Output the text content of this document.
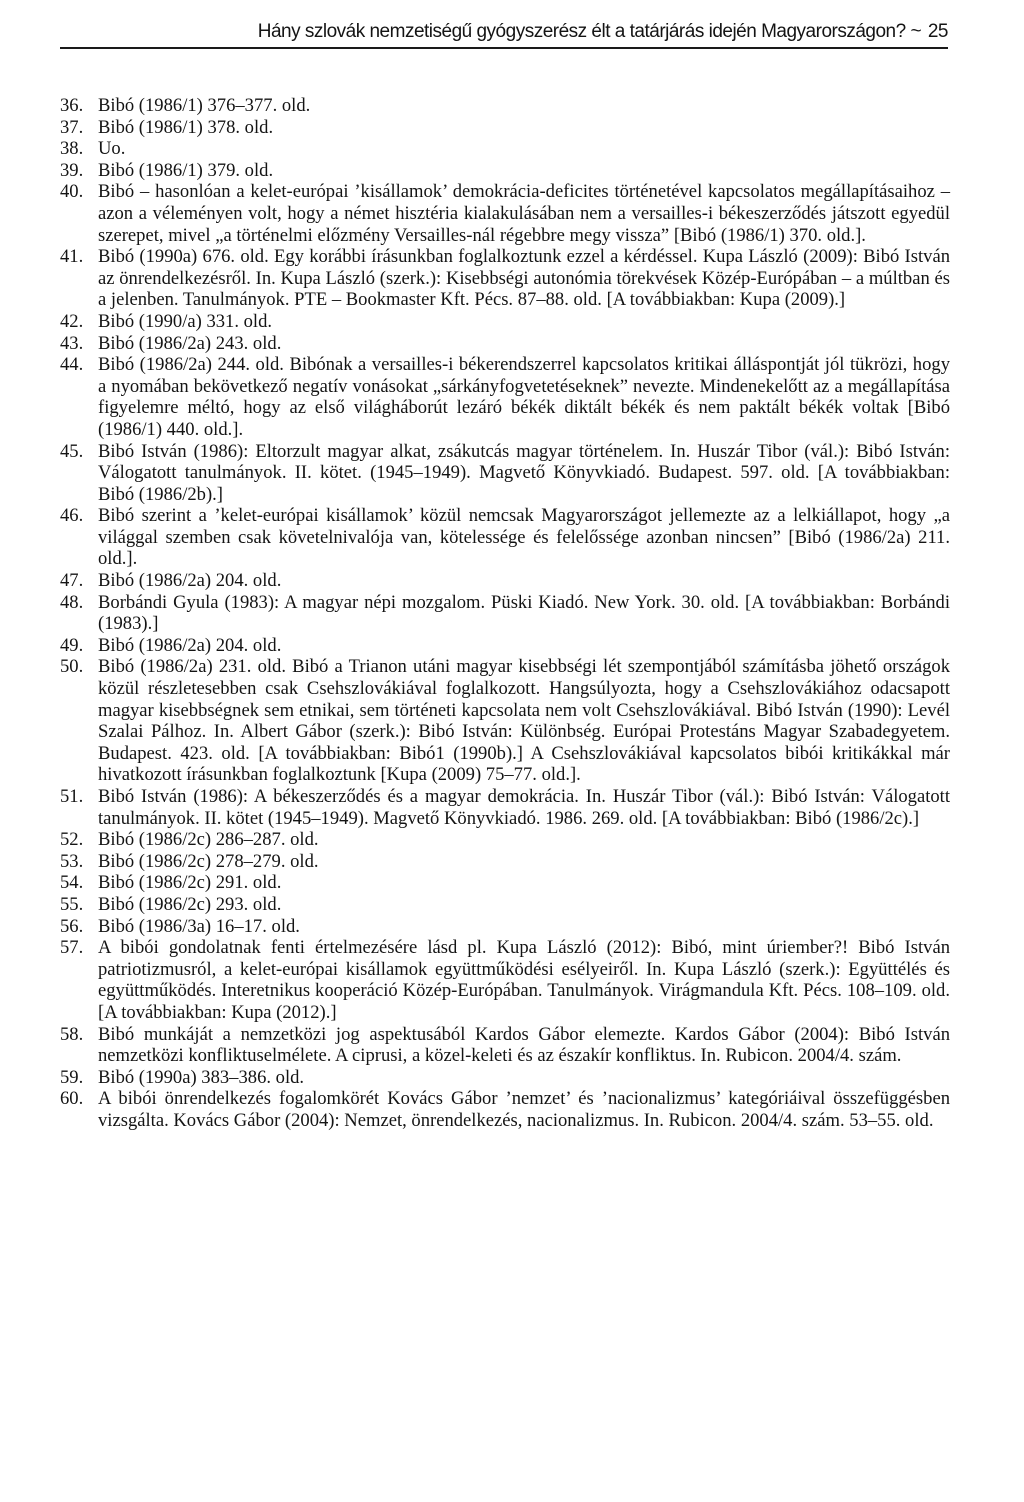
Hány szlovák nemzetiségű gyógyszerész élt a tatárjárás idején Magyarországon? ~ 25
36. Bibó (1986/1) 376–377. old.
37. Bibó (1986/1) 378. old.
38. Uo.
39. Bibó (1986/1) 379. old.
40. Bibó – hasonlóan a kelet-európai ’kisállamok’ demokrácia-deficites történetével kapcsolatos megállapításaihoz – azon a véleményen volt, hogy a német hisztéria kialakulásában nem a versailles-i békeszerződés játszott egyedül szerepet, mivel „a történelmi előzmény Versailles-nál régebbre megy vissza” [Bibó (1986/1) 370. old.].
41. Bibó (1990a) 676. old. Egy korábbi írásunkban foglalkoztunk ezzel a kérdéssel. Kupa László (2009): Bibó István az önrendelkezésről. In. Kupa László (szerk.): Kisebbségi autonómia törekvések Közép-Európában – a múltban és a jelenben. Tanulmányok. PTE – Bookmaster Kft. Pécs. 87–88. old. [A továbbiakban: Kupa (2009).]
42. Bibó (1990/a) 331. old.
43. Bibó (1986/2a) 243. old.
44. Bibó (1986/2a) 244. old. Bibónak a versailles-i békerendszerrel kapcsolatos kritikai álláspontját jól tükrözi, hogy a nyomában bekövetkező negatív vonásokat „sárkányfogvetetéseknek” nevezte. Mindenekelőtt az a megállapítása figyelemre méltó, hogy az első világháborút lezáró békék diktált békék és nem paktált békék voltak [Bibó (1986/1) 440. old.].
45. Bibó István (1986): Eltorzult magyar alkat, zsákutcás magyar történelem. In. Huszár Tibor (vál.): Bibó István: Válogatott tanulmányok. II. kötet. (1945–1949). Magvető Könyvkiadó. Budapest. 597. old. [A továbbiakban: Bibó (1986/2b).]
46. Bibó szerint a ’kelet-európai kisállamok’ közül nemcsak Magyarországot jellemezte az a lelkiállapot, hogy „a világgal szemben csak követelnivalója van, kötelessége és felelőssége azonban nincsen” [Bibó (1986/2a) 211. old.].
47. Bibó (1986/2a) 204. old.
48. Borbándi Gyula (1983): A magyar népi mozgalom. Püski Kiadó. New York. 30. old. [A továbbiakban: Borbándi (1983).]
49. Bibó (1986/2a) 204. old.
50. Bibó (1986/2a) 231. old. Bibó a Trianon utáni magyar kisebbségi lét szempontjából számításba jöhető országok közül részletesebben csak Csehszlovákiával foglalkozott. Hangsúlyozta, hogy a Csehszlovákiához odacsapott magyar kisebbségnek sem etnikai, sem történeti kapcsolata nem volt Csehszlovákiával. Bibó István (1990): Levél Szalai Pálhoz. In. Albert Gábor (szerk.): Bibó István: Különbség. Európai Protestáns Magyar Szabadegyetem. Budapest. 423. old. [A továbbiakban: Bibó1 (1990b).] A Csehszlovákiával kapcsolatos bibói kritikákkal már hivatkozott írásunkban foglalkoztunk [Kupa (2009) 75–77. old.].
51. Bibó István (1986): A békeszerződés és a magyar demokrácia. In. Huszár Tibor (vál.): Bibó István: Válogatott tanulmányok. II. kötet (1945–1949). Magvető Könyvkiadó. 1986. 269. old. [A továbbiakban: Bibó (1986/2c).]
52. Bibó (1986/2c) 286–287. old.
53. Bibó (1986/2c) 278–279. old.
54. Bibó (1986/2c) 291. old.
55. Bibó (1986/2c) 293. old.
56. Bibó (1986/3a) 16–17. old.
57. A bibói gondolatnak fenti értelmezésére lásd pl. Kupa László (2012): Bibó, mint úriember?! Bibó István patriotizmusról, a kelet-európai kisállamok együttműködési esélyeiről. In. Kupa László (szerk.): Együttélés és együttműködés. Interetnikus kooperáció Közép-Európában. Tanulmányok. Virágmandula Kft. Pécs. 108–109. old. [A továbbiakban: Kupa (2012).]
58. Bibó munkáját a nemzetközi jog aspektusából Kardos Gábor elemezte. Kardos Gábor (2004): Bibó István nemzetközi konfliktuselmélete. A ciprusi, a közel-keleti és az északír konfliktus. In. Rubicon. 2004/4. szám.
59. Bibó (1990a) 383–386. old.
60. A bibói önrendelkezés fogalomkörét Kovács Gábor ’nemzet’ és ’nacionalizmus’ kategóriáival összefüggésben vizsgálta. Kovács Gábor (2004): Nemzet, önrendelkezés, nacionalizmus. In. Rubicon. 2004/4. szám. 53–55. old.
